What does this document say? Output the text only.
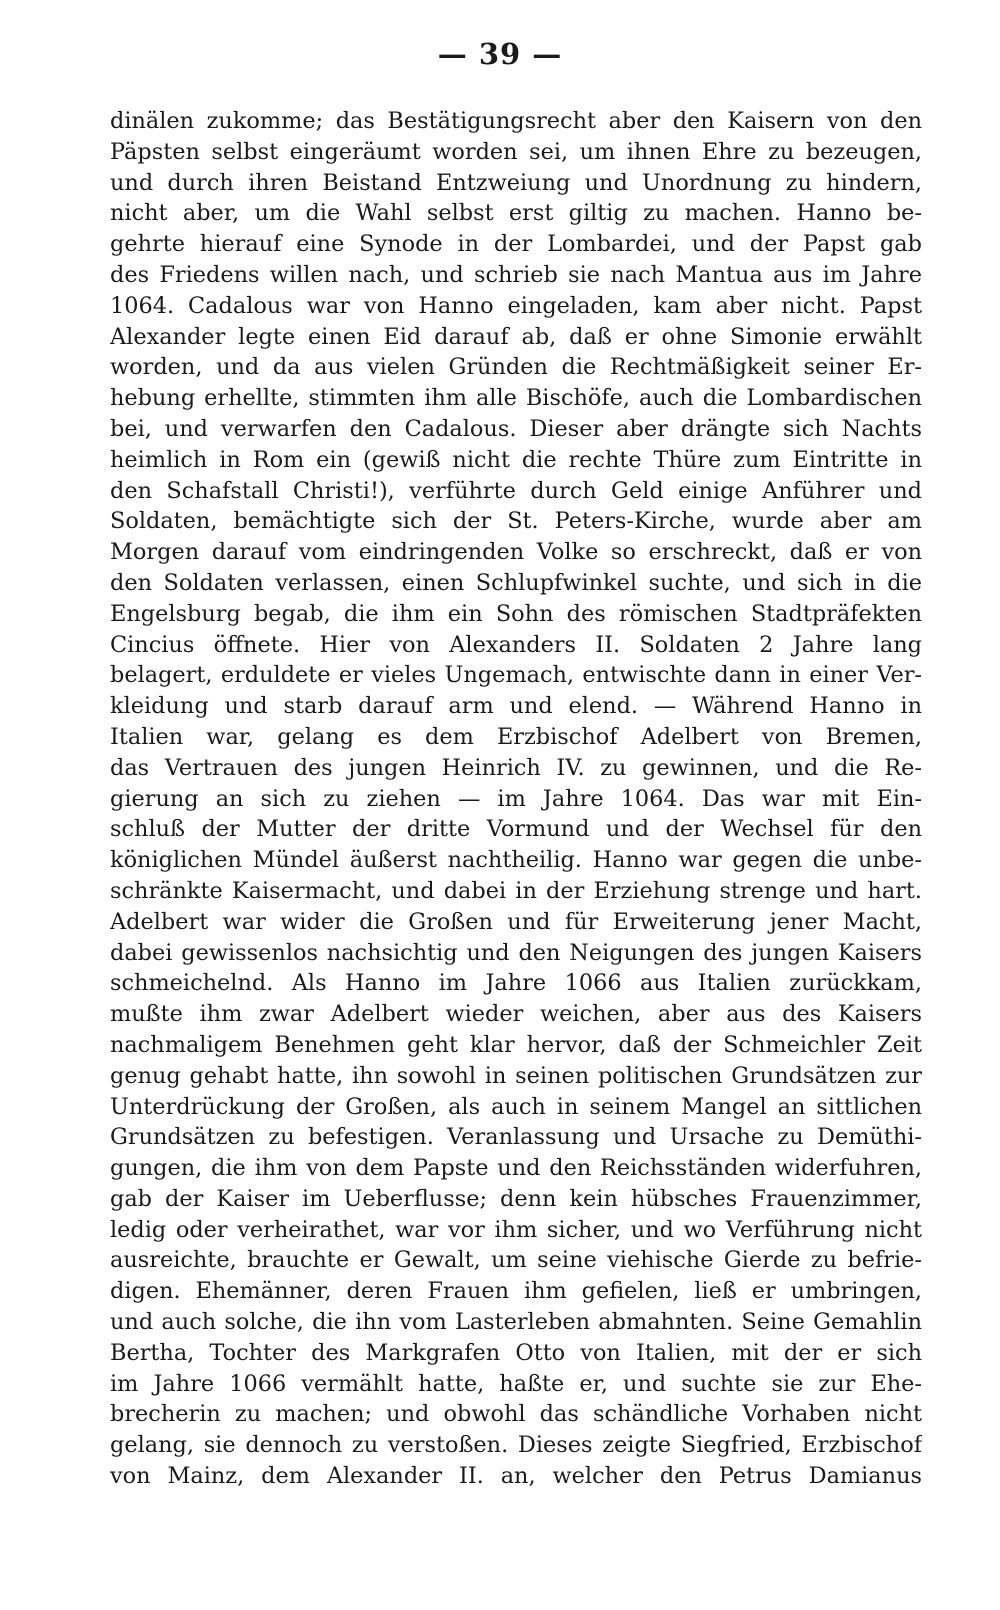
— 39 —
dinälen zukomme; das Bestätigungsrecht aber den Kaisern von den
Päpsten selbst eingeräumt worden sei, um ihnen Ehre zu bezeugen,
und durch ihren Beistand Entzweiung und Unordnung zu hindern,
nicht aber, um die Wahl selbst erst giltig zu machen. Hanno be-
gehrte hierauf eine Synode in der Lombardei, und der Papst gab
des Friedens willen nach, und schrieb sie nach Mantua aus im Jahre
1064. Cadalous war von Hanno eingeladen, kam aber nicht. Papst
Alexander legte einen Eid darauf ab, daß er ohne Simonie erwählt
worden, und da aus vielen Gründen die Rechtmäßigkeit seiner Er-
hebung erhellte, stimmten ihm alle Bischöfe, auch die Lombardischen
bei, und verwarfen den Cadalous. Dieser aber drängte sich Nachts
heimlich in Rom ein (gewiß nicht die rechte Thüre zum Eintritte in
den Schafstall Christi!), verführte durch Geld einige Anführer und
Soldaten, bemächtigte sich der St. Peters-Kirche, wurde aber am
Morgen darauf vom eindringenden Volke so erschreckt, daß er von
den Soldaten verlassen, einen Schlupfwinkel suchte, und sich in die
Engelsburg begab, die ihm ein Sohn des römischen Stadtpräfekten
Cincius öffnete. Hier von Alexanders II. Soldaten 2 Jahre lang
belagert, erduldete er vieles Ungemach, entwischte dann in einer Ver-
kleidung und starb darauf arm und elend. — Während Hanno in
Italien war, gelang es dem Erzbischof Adelbert von Bremen,
das Vertrauen des jungen Heinrich IV. zu gewinnen, und die Re-
gierung an sich zu ziehen — im Jahre 1064. Das war mit Ein-
schluß der Mutter der dritte Vormund und der Wechsel für den
königlichen Mündel äußerst nachtheilig. Hanno war gegen die unbe-
schränkte Kaisermacht, und dabei in der Erziehung strenge und hart.
Adelbert war wider die Großen und für Erweiterung jener Macht,
dabei gewissenlos nachsichtig und den Neigungen des jungen Kaisers
schmeichelnd. Als Hanno im Jahre 1066 aus Italien zurückkam,
mußte ihm zwar Adelbert wieder weichen, aber aus des Kaisers
nachmaligem Benehmen geht klar hervor, daß der Schmeichler Zeit
genug gehabt hatte, ihn sowohl in seinen politischen Grundsätzen zur
Unterdrückung der Großen, als auch in seinem Mangel an sittlichen
Grundsätzen zu befestigen. Veranlassung und Ursache zu Demüthi-
gungen, die ihm von dem Papste und den Reichsständen widerfuhren,
gab der Kaiser im Ueberflusse; denn kein hübsches Frauenzimmer,
ledig oder verheirathet, war vor ihm sicher, und wo Verführung nicht
ausreichte, brauchte er Gewalt, um seine viehische Gierde zu befrie-
digen. Ehemänner, deren Frauen ihm gefielen, ließ er umbringen,
und auch solche, die ihn vom Lasterleben abmahnten. Seine Gemahlin
Bertha, Tochter des Markgrafen Otto von Italien, mit der er sich
im Jahre 1066 vermählt hatte, haßte er, und suchte sie zur Ehe-
brecherin zu machen; und obwohl das schändliche Vorhaben nicht
gelang, sie dennoch zu verstoßen. Dieses zeigte Siegfried, Erzbischof
von Mainz, dem Alexander II. an, welcher den Petrus Damianus
